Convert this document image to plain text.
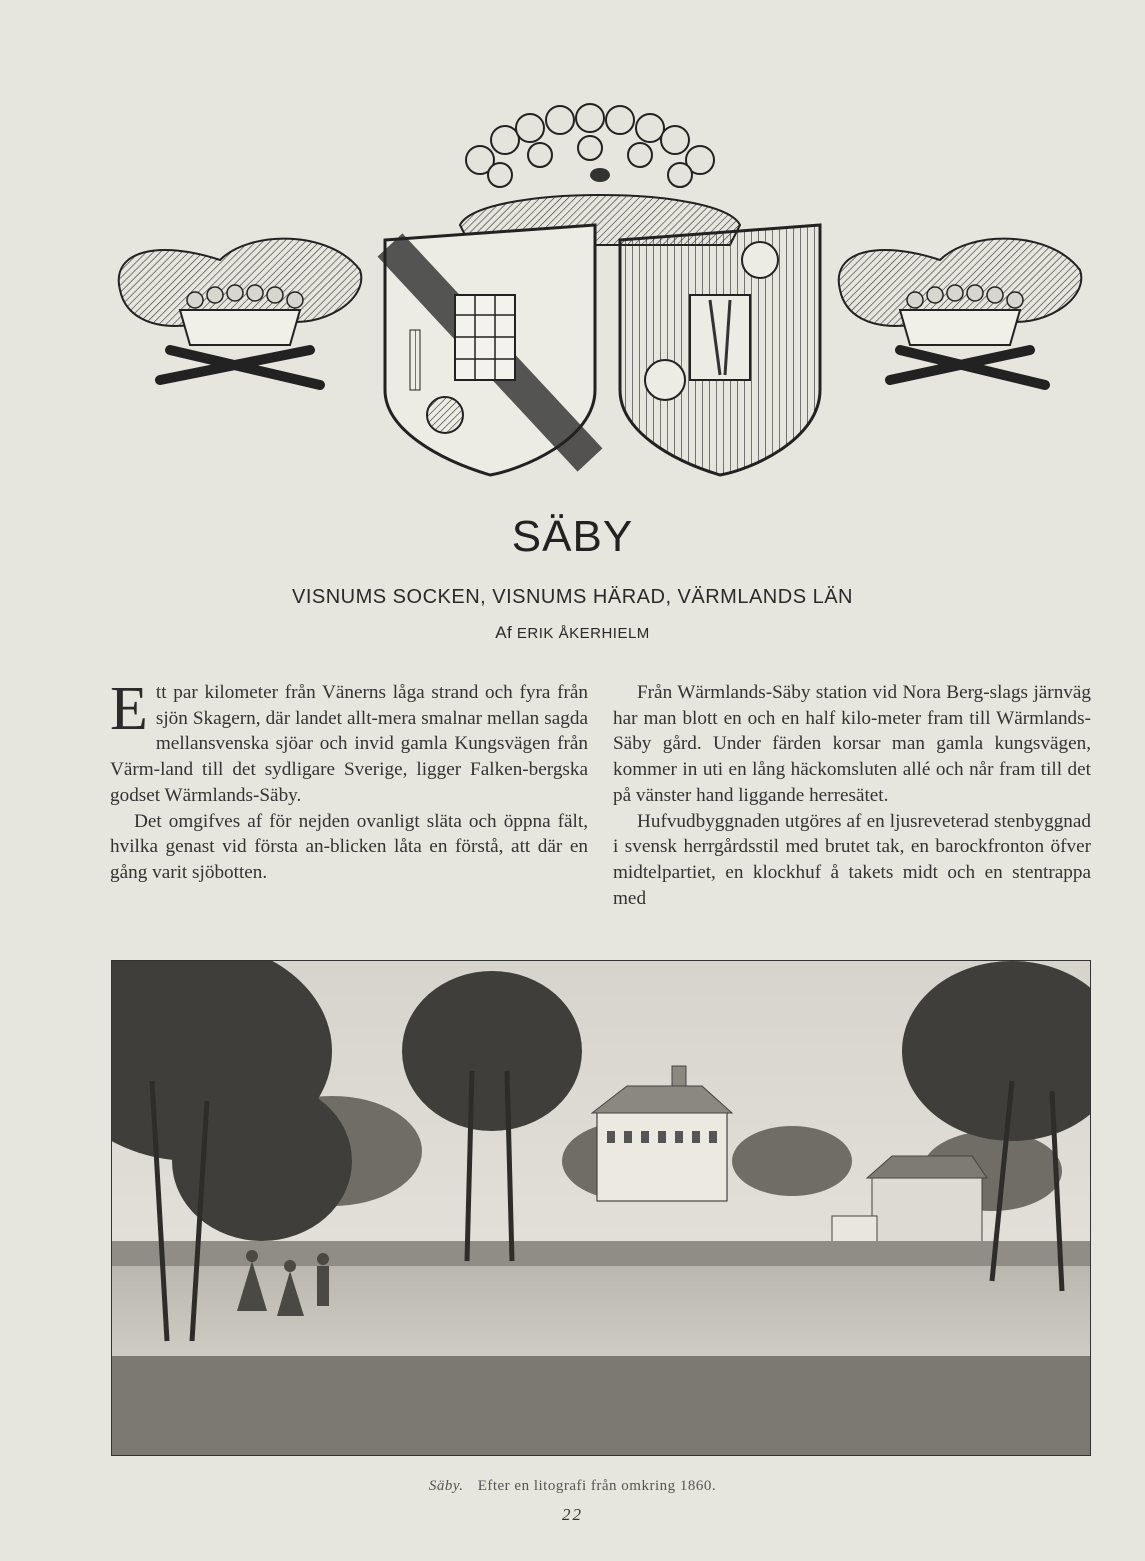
SÄBY
VISNUMS SOCKEN, VISNUMS HÄRAD, VÄRMLANDS LÄN
Af ERIK ÅKERHIELM

Ett par kilometer från Vänerns låga strand och fyra från sjön Skagern, där landet allt-mera smalnar mellan sagda mellansvenska sjöar och invid gamla Kungsvägen från Värm-land till det sydligare Sverige, ligger Falken-bergska godset Wärmlands-Säby.

Det omgifves af för nejden ovanligt släta och öppna fält, hvilka genast vid första an-blicken låta en förstå, att där en gång varit sjöbotten.

Från Wärmlands-Säby station vid Nora Berg-slags järnväg har man blott en och en half kilo-meter fram till Wärmlands-Säby gård. Under färden korsar man gamla kungsvägen, kommer in uti en lång häckomsluten allé och når fram till det på vänster hand liggande herresätet.

Hufvudbyggnaden utgöres af en ljusreveterad stenbyggnad i svensk herrgårdsstil med brutet tak, en barockfronton öfver midtelpartiet, en klockhuf å takets midt och en stentrappa med

Säby. Efter en litografi från omkring 1860.
22
